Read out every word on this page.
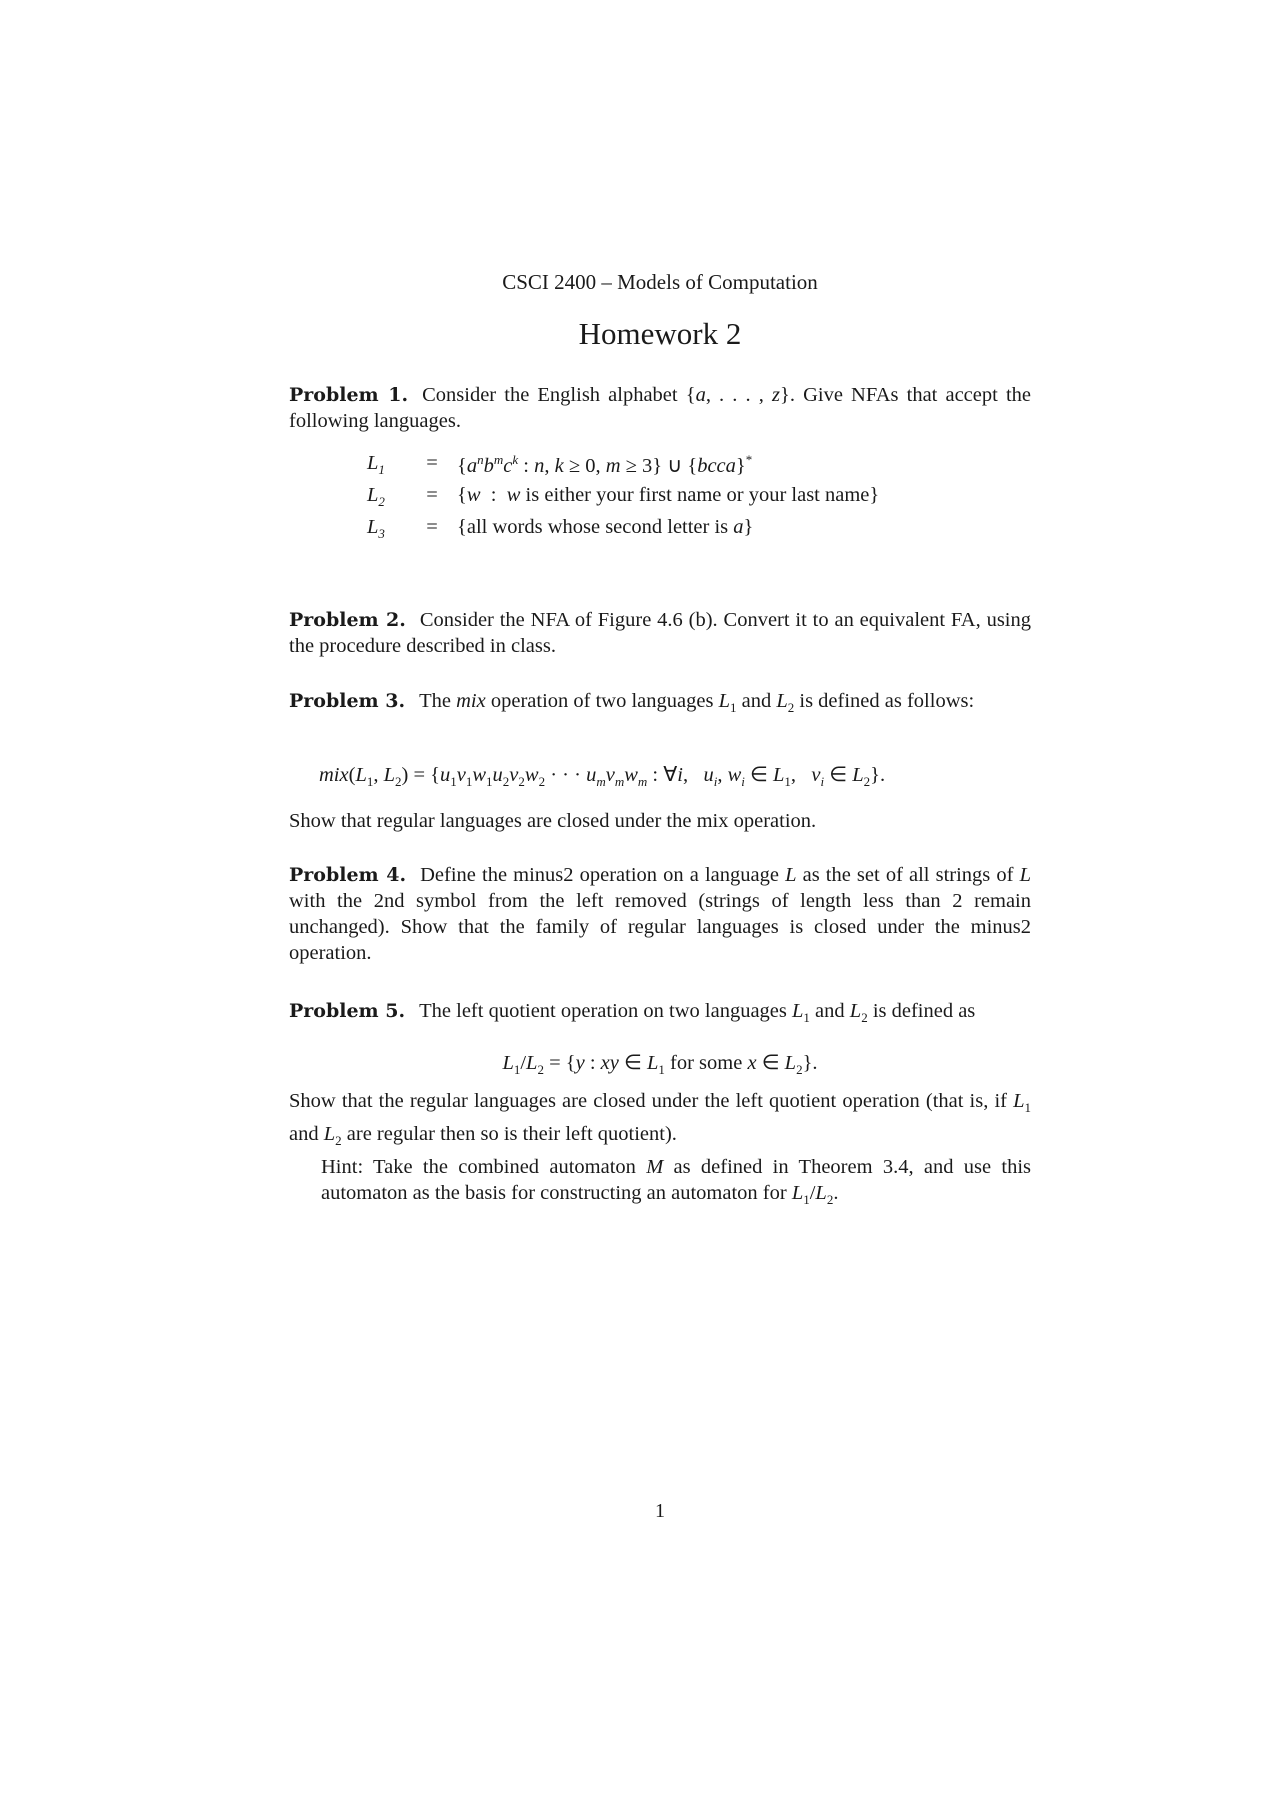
CSCI 2400 – Models of Computation
Homework 2
Problem 1. Consider the English alphabet {a, . . . , z}. Give NFAs that accept the following languages.
$L_1$	= {$a^nb^mc^k$ : n, k ≥ 0, m ≥ 3} ∪ {bcca}*
$L_2$	= {w  :  w is either your first name or your last name}
$L_3$	= {all words whose second letter is a}
Problem 2. Consider the NFA of Figure 4.6 (b). Convert it to an equivalent FA, using the procedure described in class.
Problem 3. The mix operation of two languages $L_1$ and $L_2$ is defined as follows:
$mix(L_1$, $L_2) = \{u_1v_1w_1u_2v_2w_2$ · · · $u_mv_mw_m$ : ∀i,   $u_i$, $w_i$ ∈ $L_1$,   $v_i$ ∈ $L_2$}.
Show that regular languages are closed under the mix operation.
Problem 4. Define the minus2 operation on a language L as the set of all strings of L with the 2nd symbol from the left removed (strings of length less than 2 remain unchanged). Show that the family of regular languages is closed under the minus2 operation.
Problem 5. The left quotient operation on two languages $L_1$ and $L_2$ is defined as
$L_1/L_2 = \{y$ : xy ∈ $L_1$ for some x ∈ $L_2$}.
Show that the regular languages are closed under the left quotient operation (that is, if $L_1$ and $L_2$ are regular then so is their left quotient).
Hint: Take the combined automaton M as defined in Theorem 3.4, and use this automaton as the basis for constructing an automaton for $L_1/L_2$.
1
